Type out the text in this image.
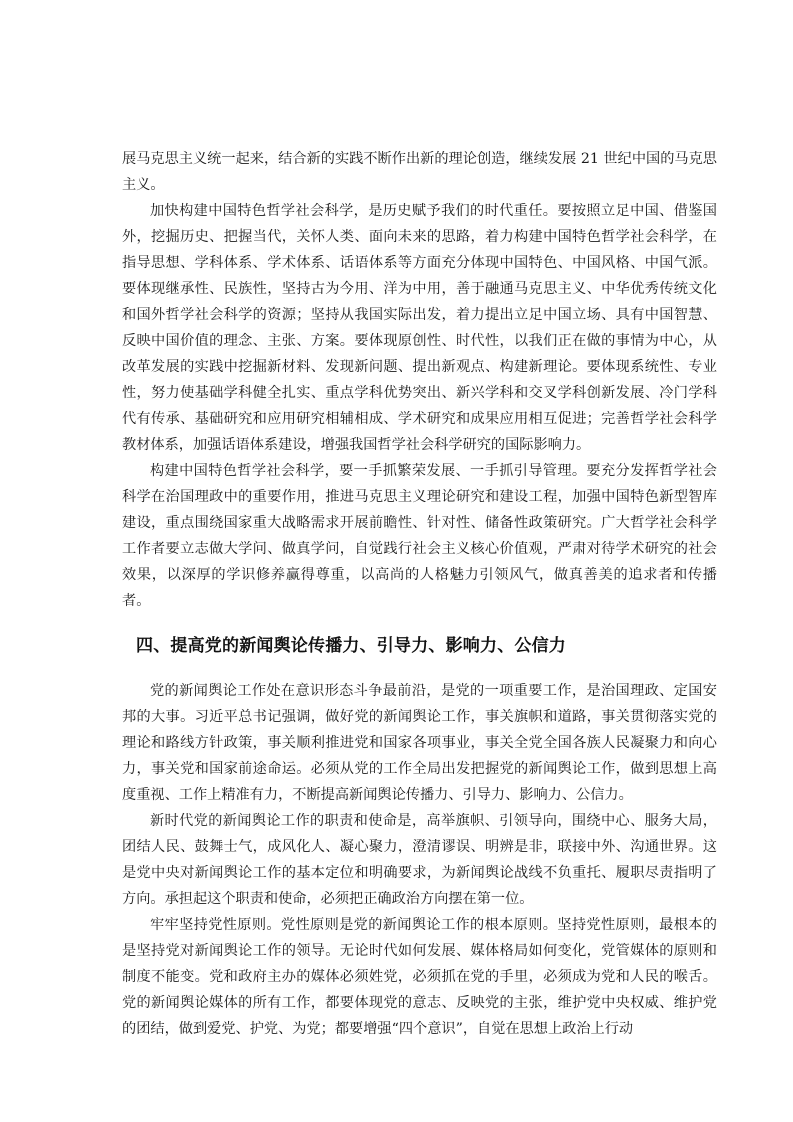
展马克思主义统一起来，结合新的实践不断作出新的理论创造，继续发展 21 世纪中国的马克思主义。

加快构建中国特色哲学社会科学，是历史赋予我们的时代重任。要按照立足中国、借鉴国外，挖掘历史、把握当代，关怀人类、面向未来的思路，着力构建中国特色哲学社会科学，在指导思想、学科体系、学术体系、话语体系等方面充分体现中国特色、中国风格、中国气派。要体现继承性、民族性，坚持古为今用、洋为中用，善于融通马克思主义、中华优秀传统文化和国外哲学社会科学的资源；坚持从我国实际出发，着力提出立足中国立场、具有中国智慧、反映中国价值的理念、主张、方案。要体现原创性、时代性，以我们正在做的事情为中心，从改革发展的实践中挖掘新材料、发现新问题、提出新观点、构建新理论。要体现系统性、专业性，努力使基础学科健全扎实、重点学科优势突出、新兴学科和交叉学科创新发展、冷门学科代有传承、基础研究和应用研究相辅相成、学术研究和成果应用相互促进；完善哲学社会科学教材体系，加强话语体系建设，增强我国哲学社会科学研究的国际影响力。

构建中国特色哲学社会科学，要一手抓繁荣发展、一手抓引导管理。要充分发挥哲学社会科学在治国理政中的重要作用，推进马克思主义理论研究和建设工程，加强中国特色新型智库建设，重点围绕国家重大战略需求开展前瞻性、针对性、储备性政策研究。广大哲学社会科学工作者要立志做大学问、做真学问，自觉践行社会主义核心价值观，严肃对待学术研究的社会效果，以深厚的学识修养赢得尊重，以高尚的人格魅力引领风气，做真善美的追求者和传播者。

四、提高党的新闻舆论传播力、引导力、影响力、公信力

党的新闻舆论工作处在意识形态斗争最前沿，是党的一项重要工作，是治国理政、定国安邦的大事。习近平总书记强调，做好党的新闻舆论工作，事关旗帜和道路，事关贯彻落实党的理论和路线方针政策，事关顺利推进党和国家各项事业，事关全党全国各族人民凝聚力和向心力，事关党和国家前途命运。必须从党的工作全局出发把握党的新闻舆论工作，做到思想上高度重视、工作上精准有力，不断提高新闻舆论传播力、引导力、影响力、公信力。

新时代党的新闻舆论工作的职责和使命是，高举旗帜、引领导向，围绕中心、服务大局，团结人民、鼓舞士气，成风化人、凝心聚力，澄清谬误、明辨是非，联接中外、沟通世界。这是党中央对新闻舆论工作的基本定位和明确要求，为新闻舆论战线不负重托、履职尽责指明了方向。承担起这个职责和使命，必须把正确政治方向摆在第一位。

牢牢坚持党性原则。党性原则是党的新闻舆论工作的根本原则。坚持党性原则，最根本的是坚持党对新闻舆论工作的领导。无论时代如何发展、媒体格局如何变化，党管媒体的原则和制度不能变。党和政府主办的媒体必须姓党，必须抓在党的手里，必须成为党和人民的喉舌。党的新闻舆论媒体的所有工作，都要体现党的意志、反映党的主张，维护党中央权威、维护党的团结，做到爱党、护党、为党；都要增强“四个意识”，自觉在思想上政治上行动
